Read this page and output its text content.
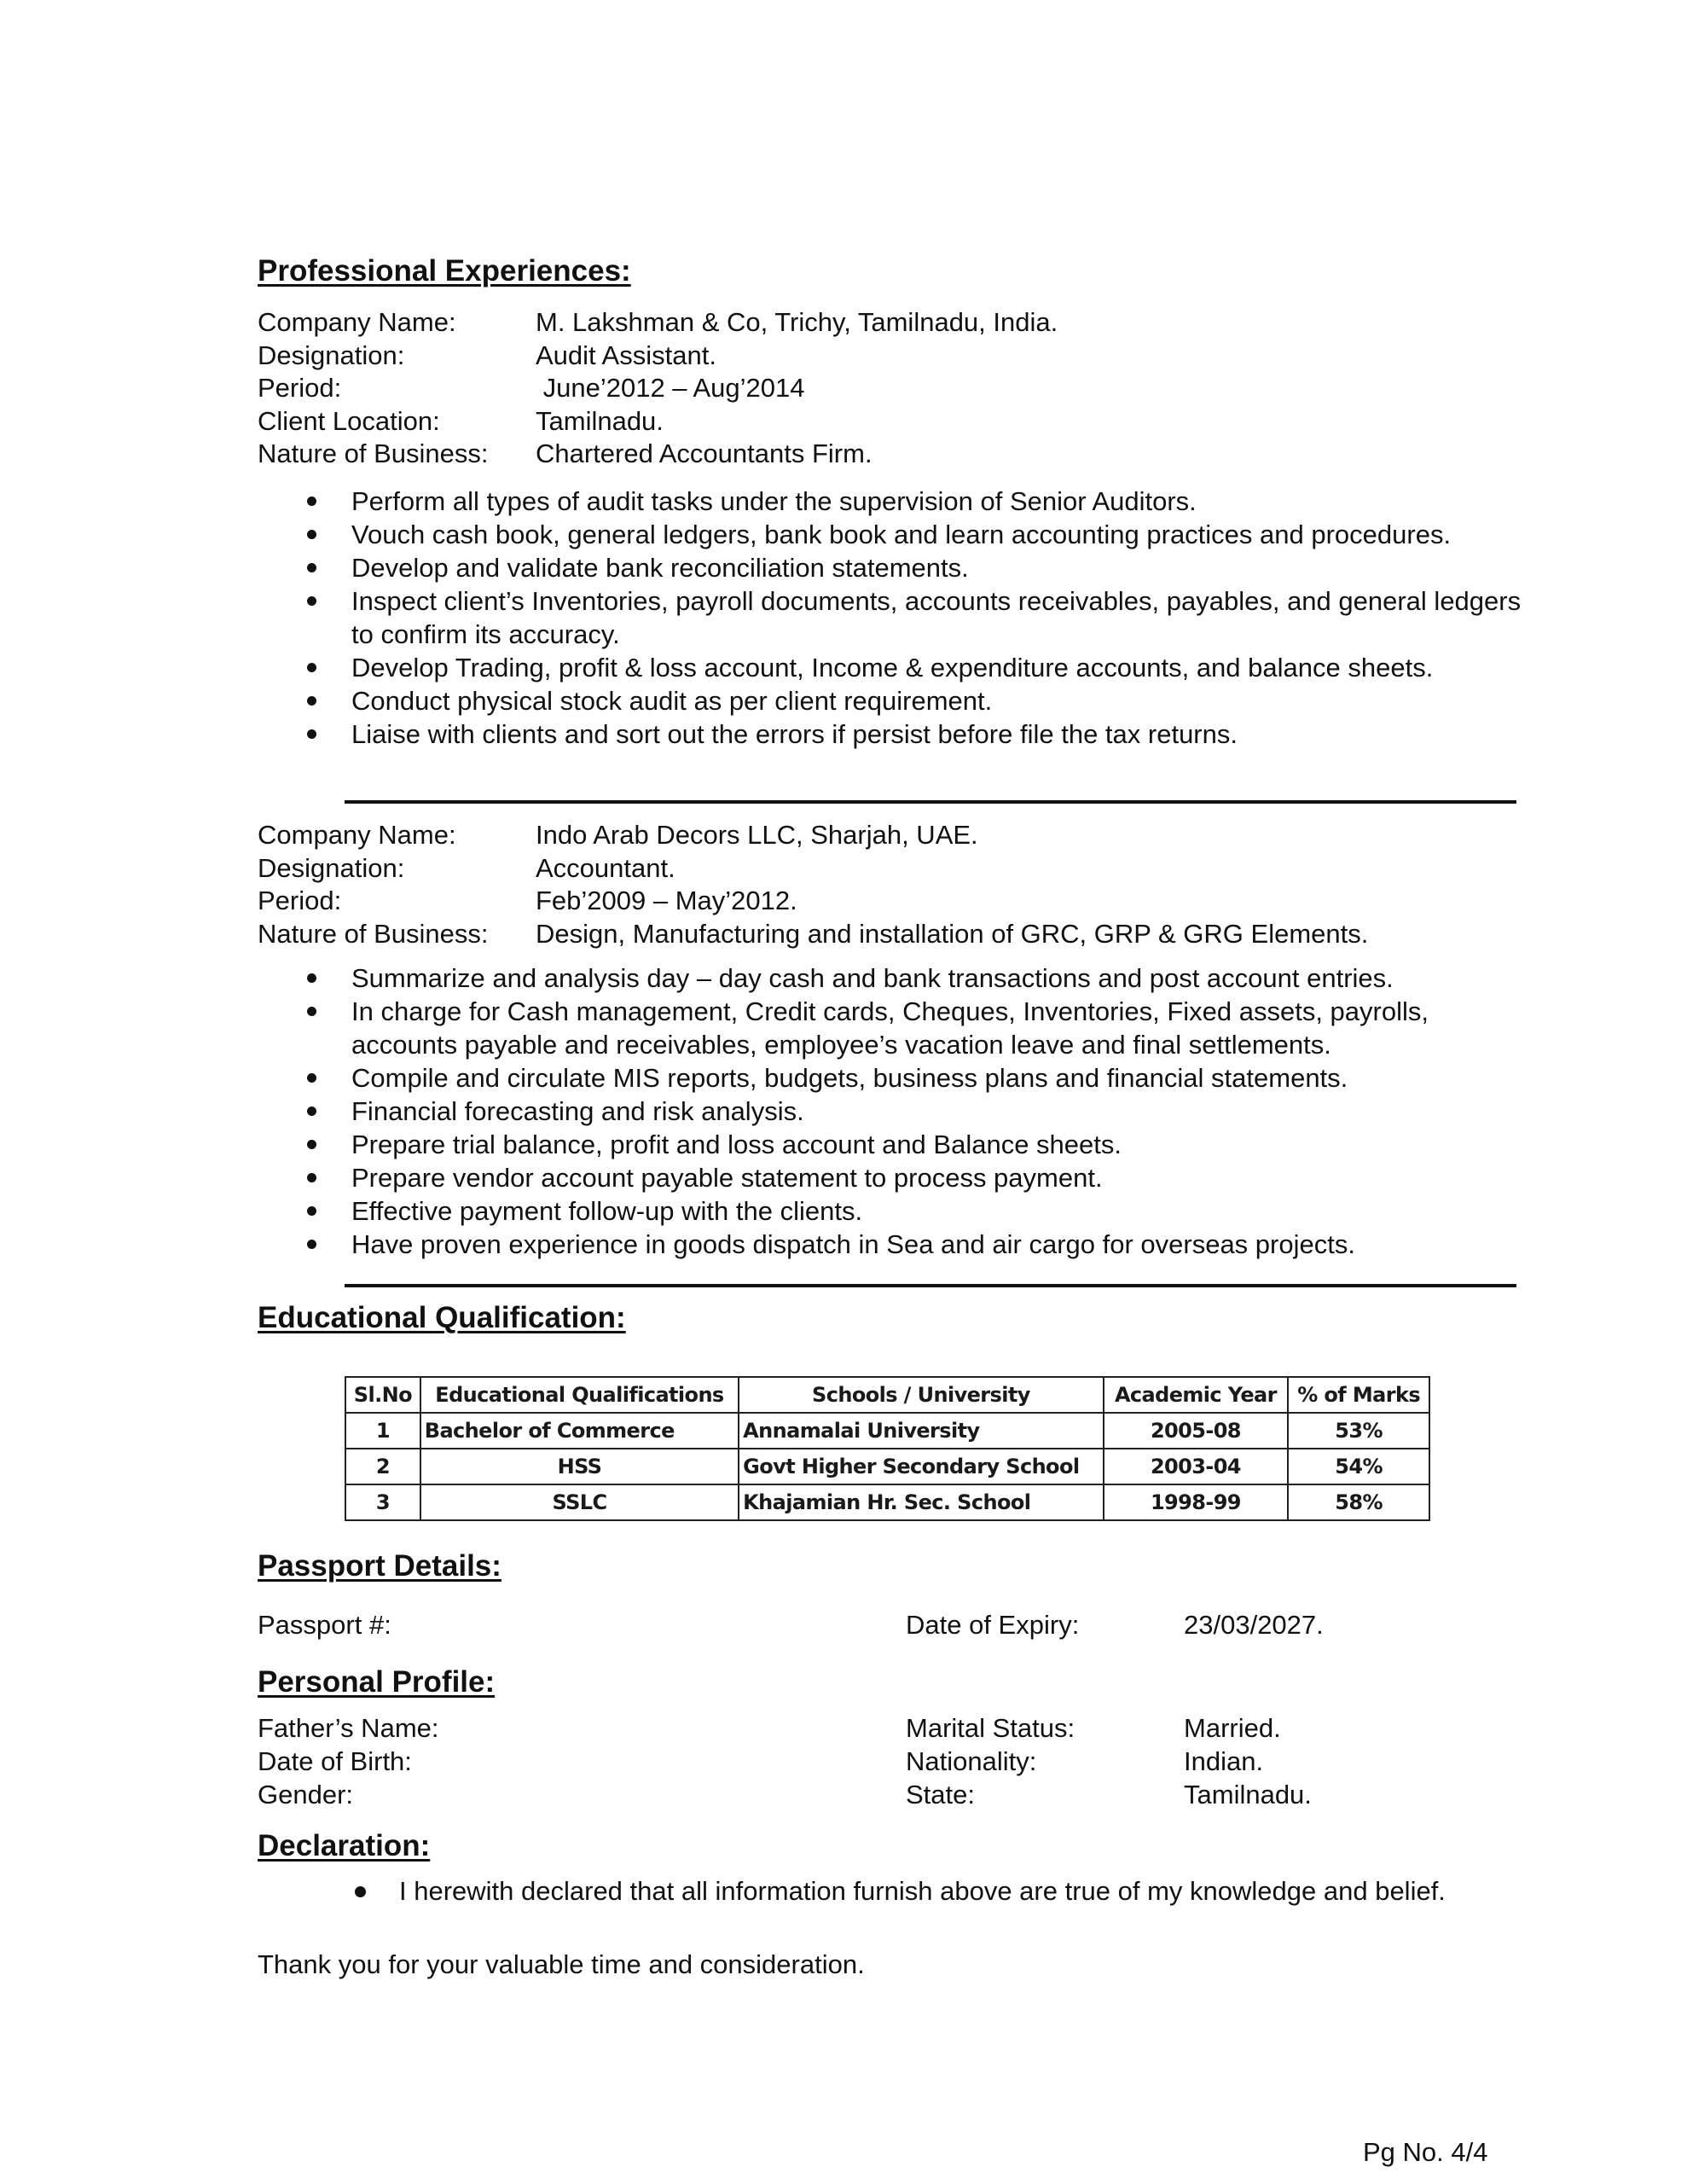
Professional Experiences:
Company Name:	M. Lakshman & Co, Trichy, Tamilnadu, India.
Designation:	Audit Assistant.
Period:	June’2012 – Aug’2014
Client Location:	Tamilnadu.
Nature of Business:	Chartered Accountants Firm.
Perform all types of audit tasks under the supervision of Senior Auditors.
Vouch cash book, general ledgers, bank book and learn accounting practices and procedures.
Develop and validate bank reconciliation statements.
Inspect client’s Inventories, payroll documents, accounts receivables, payables, and general ledgers to confirm its accuracy.
Develop Trading, profit & loss account, Income & expenditure accounts, and balance sheets.
Conduct physical stock audit as per client requirement.
Liaise with clients and sort out the errors if persist before file the tax returns.
Company Name:	Indo Arab Decors LLC, Sharjah, UAE.
Designation:	Accountant.
Period:	Feb’2009 – May’2012.
Nature of Business:	Design, Manufacturing and installation of GRC, GRP & GRG Elements.
Summarize and analysis day – day cash and bank transactions and post account entries.
In charge for Cash management, Credit cards, Cheques, Inventories, Fixed assets, payrolls, accounts payable and receivables, employee’s vacation leave and final settlements.
Compile and circulate MIS reports, budgets, business plans and financial statements.
Financial forecasting and risk analysis.
Prepare trial balance, profit and loss account and Balance sheets.
Prepare vendor account payable statement to process payment.
Effective payment follow-up with the clients.
Have proven experience in goods dispatch in Sea and air cargo for overseas projects.
Educational Qualification:
Sl.No	Educational Qualifications	Schools / University	Academic Year	% of Marks
1	Bachelor of Commerce	Annamalai University	2005-08	53%
2	HSS	Govt Higher Secondary School	2003-04	54%
3	SSLC	Khajamian Hr. Sec. School	1998-99	58%
Passport Details:
Passport #:	Date of Expiry:	23/03/2027.
Personal Profile:
Father’s Name:	Marital Status:	Married.
Date of Birth:	Nationality:	Indian.
Gender:	State:	Tamilnadu.
Declaration:
I herewith declared that all information furnish above are true of my knowledge and belief.
Thank you for your valuable time and consideration.
Pg No. 4/4
